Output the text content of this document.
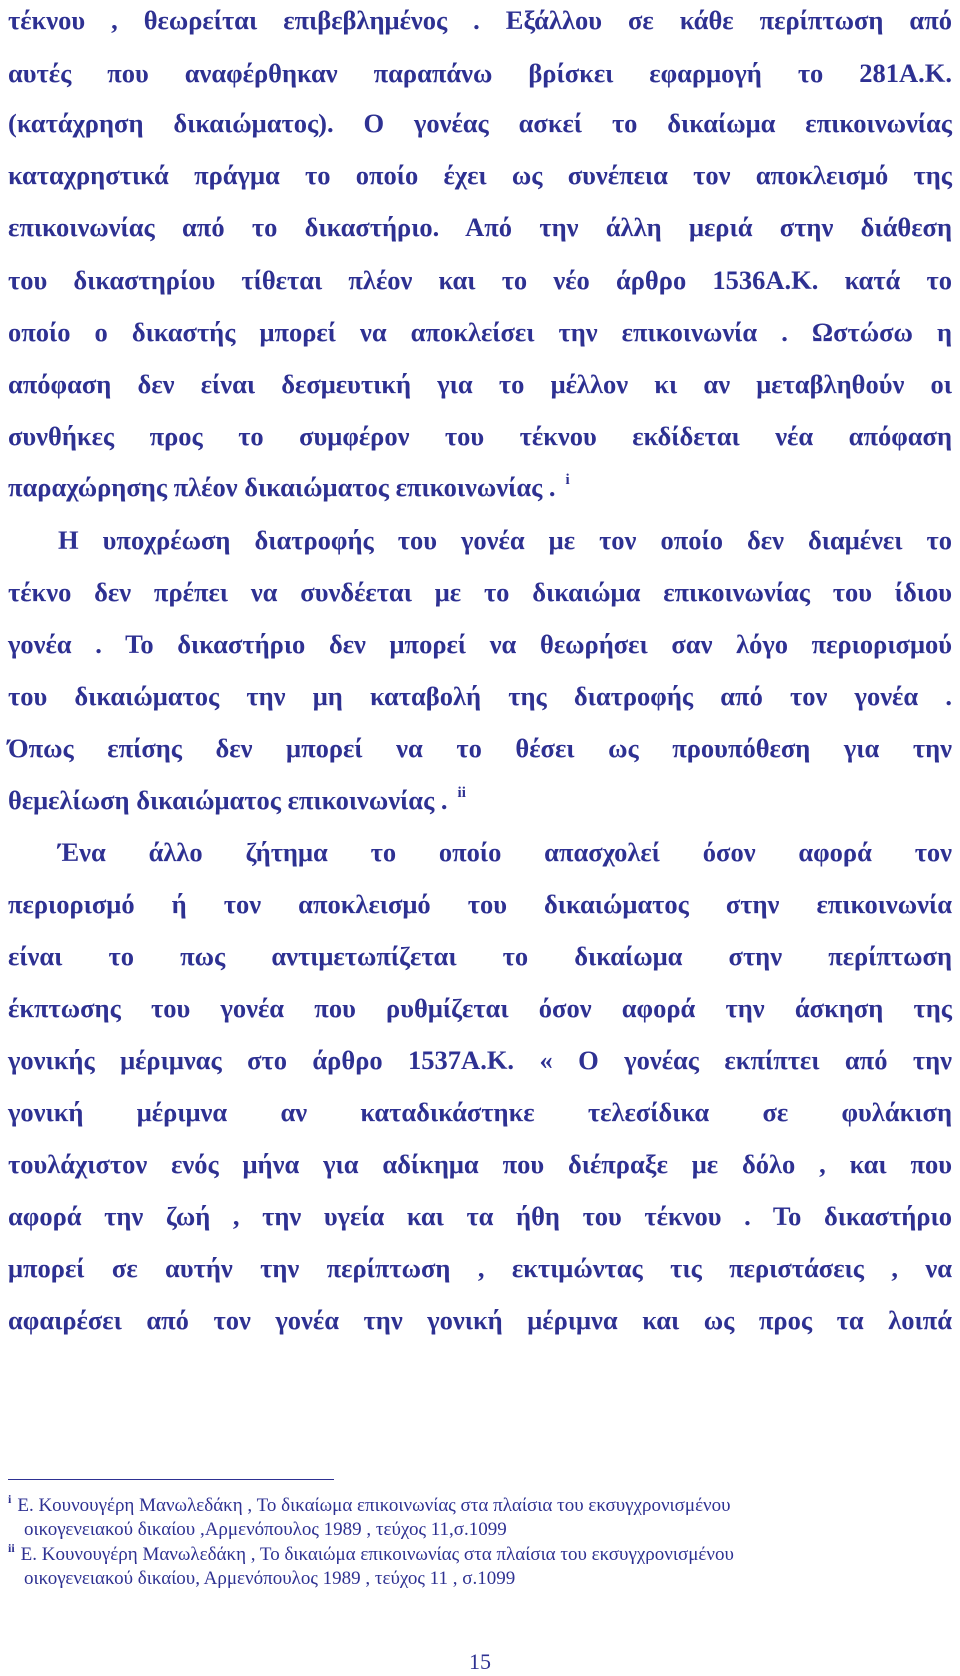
τέκνου , θεωρείται επιβεβλημένος . Εξάλλου σε κάθε περίπτωση από
αυτές που αναφέρθηκαν παραπάνω βρίσκει εφαρμογή το 281Α.Κ.
(κατάχρηση δικαιώματος). Ο γονέας ασκεί το δικαίωμα επικοινωνίας
καταχρηστικά πράγμα το οποίο έχει ως συνέπεια τον αποκλεισμό της
επικοινωνίας από το δικαστήριο. Από την άλλη μεριά στην διάθεση
του δικαστηρίου τίθεται πλέον και το νέο άρθρο 1536Α.Κ. κατά το
οποίο ο δικαστής μπορεί να αποκλείσει την επικοινωνία . Ωστώσω η
απόφαση δεν είναι δεσμευτική για το μέλλον κι αν μεταβληθούν οι
συνθήκες προς το συμφέρον του τέκνου εκδίδεται νέα απόφαση
παραχώρησης πλέον δικαιώματος επικοινωνίας . $^i$
Η υποχρέωση διατροφής του γονέα με τον οποίο δεν διαμένει το
τέκνο δεν πρέπει να συνδέεται με το δικαιώμα επικοινωνίας του ίδιου
γονέα . Το δικαστήριο δεν μπορεί να θεωρήσει σαν λόγο περιορισμού
του δικαιώματος την μη καταβολή της διατροφής από τον γονέα .
Όπως επίσης δεν μπορεί να το θέσει ως προυπόθεση για την
θεμελίωση δικαιώματος επικοινωνίας . $^{ii}$
Ένα άλλο ζήτημα το οποίο απασχολεί όσον αφορά τον
περιορισμό ή τον αποκλεισμό του δικαιώματος στην επικοινωνία
είναι το πως αντιμετωπίζεται το δικαίωμα στην περίπτωση
έκπτωσης του γονέα που ρυθμίζεται όσον αφορά την άσκηση της
γονικής μέριμνας στο άρθρο 1537Α.Κ. « Ο γονέας εκπίπτει από την
γονική μέριμνα αν καταδικάστηκε τελεσίδικα σε φυλάκιση
τουλάχιστον ενός μήνα για αδίκημα που διέπραξε με δόλο , και που
αφορά την ζωή , την υγεία και τα ήθη του τέκνου . Το δικαστήριο
μπορεί σε αυτήν την περίπτωση , εκτιμώντας τις περιστάσεις , να
αφαιρέσει από τον γονέα την γονική μέριμνα και ως προς τα λοιπά
$^i$ Ε. Κουνουγέρη Μανωλεδάκη , Το δικαίωμα επικοινωνίας στα πλαίσια του εκσυγχρονισμένου
οικογενειακού δικαίου ,Αρμενόπουλος 1989 , τεύχος 11,σ.1099
$^{ii}$ Ε. Κουνουγέρη Μανωλεδάκη , Το δικαιώμα επικοινωνίας στα πλαίσια του εκσυγχρονισμένου
οικογενειακού δικαίου, Αρμενόπουλος 1989 , τεύχος 11 , σ.1099
15
